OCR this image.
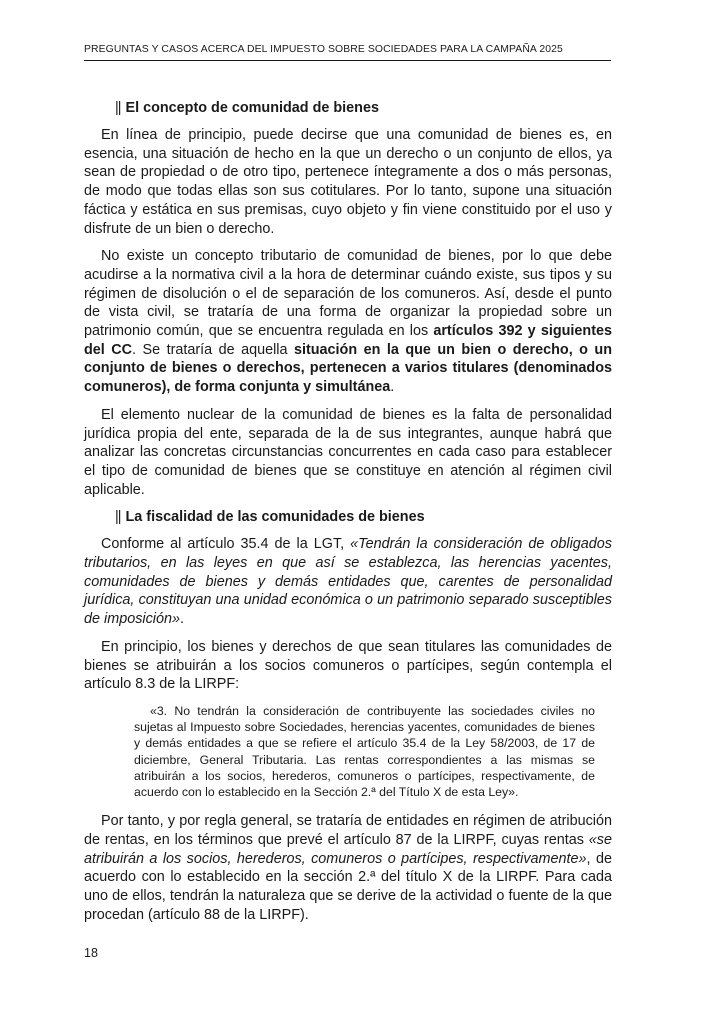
PREGUNTAS Y CASOS ACERCA DEL IMPUESTO SOBRE SOCIEDADES PARA LA CAMPAÑA 2025
|| El concepto de comunidad de bienes

En línea de principio, puede decirse que una comunidad de bienes es, en esencia, una situación de hecho en la que un derecho o un conjunto de ellos, ya sean de propiedad o de otro tipo, pertenece íntegramente a dos o más personas, de modo que todas ellas son sus cotitulares. Por lo tanto, supone una situación fáctica y estática en sus premisas, cuyo objeto y fin viene constituido por el uso y disfrute de un bien o derecho.

No existe un concepto tributario de comunidad de bienes, por lo que debe acudirse a la normativa civil a la hora de determinar cuándo existe, sus tipos y su régimen de disolución o el de separación de los comuneros. Así, desde el punto de vista civil, se trataría de una forma de organizar la propiedad sobre un patrimonio común, que se encuentra regulada en los artículos 392 y siguientes del CC. Se trataría de aquella situación en la que un bien o derecho, o un conjunto de bienes o derechos, pertenecen a varios titulares (denominados comuneros), de forma conjunta y simultánea.

El elemento nuclear de la comunidad de bienes es la falta de personalidad jurídica propia del ente, separada de la de sus integrantes, aunque habrá que analizar las concretas circunstancias concurrentes en cada caso para establecer el tipo de comunidad de bienes que se constituye en atención al régimen civil aplicable.

|| La fiscalidad de las comunidades de bienes

Conforme al artículo 35.4 de la LGT, «Tendrán la consideración de obligados tributarios, en las leyes en que así se establezca, las herencias yacentes, comunidades de bienes y demás entidades que, carentes de personalidad jurídica, constituyan una unidad económica o un patrimonio separado susceptibles de imposición».

En principio, los bienes y derechos de que sean titulares las comunidades de bienes se atribuirán a los socios comuneros o partícipes, según contempla el artículo 8.3 de la LIRPF:

«3. No tendrán la consideración de contribuyente las sociedades civiles no sujetas al Impuesto sobre Sociedades, herencias yacentes, comunidades de bienes y demás entidades a que se refiere el artículo 35.4 de la Ley 58/2003, de 17 de diciembre, General Tributaria. Las rentas correspondientes a las mismas se atribuirán a los socios, herederos, comuneros o partícipes, respectivamente, de acuerdo con lo establecido en la Sección 2.ª del Título X de esta Ley».

Por tanto, y por regla general, se trataría de entidades en régimen de atribución de rentas, en los términos que prevé el artículo 87 de la LIRPF, cuyas rentas «se atribuirán a los socios, herederos, comuneros o partícipes, respectivamente», de acuerdo con lo establecido en la sección 2.ª del título X de la LIRPF. Para cada uno de ellos, tendrán la naturaleza que se derive de la actividad o fuente de la que procedan (artículo 88 de la LIRPF).

18
